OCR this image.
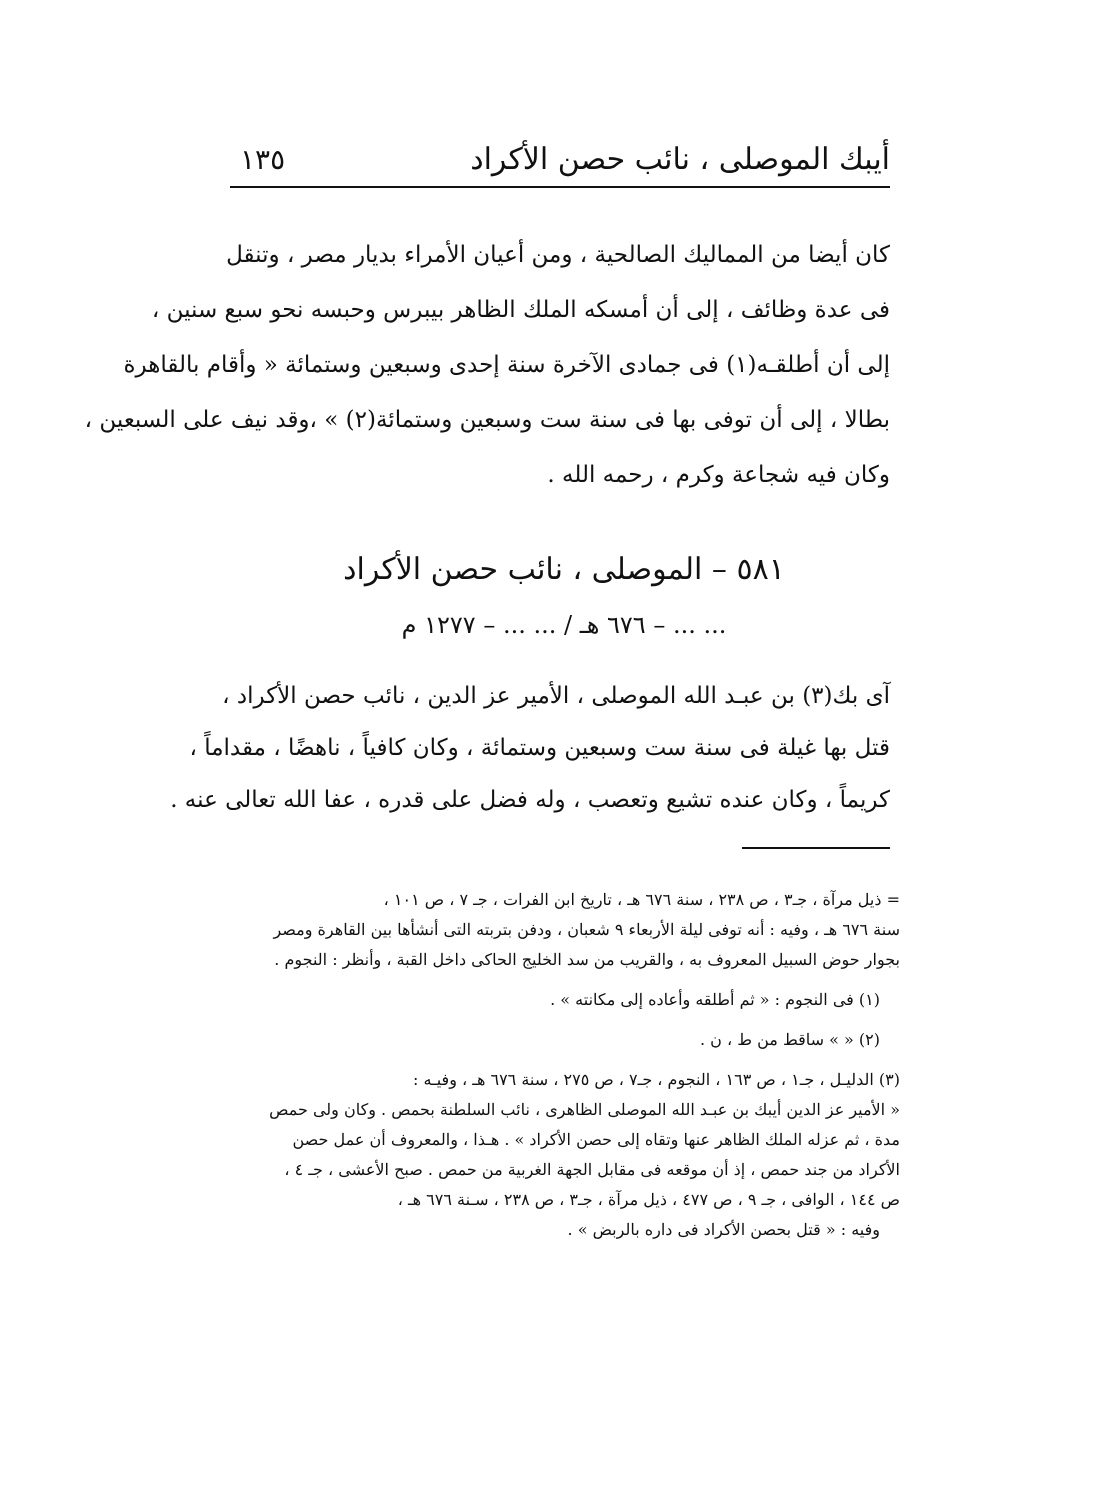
أيبك الموصلى ، نائب حصن الأكراد
١٣٥
كان أيضا من المماليك الصالحية ، ومن أعيان الأمراء بديار مصر ، وتنقل
فى عدة وظائف ، إلى أن أمسكه الملك الظاهر بيبرس وحبسه نحو سبع سنين ،
إلى أن أطلقـه(١) فى جمادى الآخرة سنة إحدى وسبعين وستمائة « وأقام بالقاهرة
بطالا ، إلى أن توفى بها فى سنة ست وسبعين وستمائة(٢) » ،وقد نيف على السبعين ،
وكان فيه شجاعة وكرم ، رحمه الله .
٥٨١ – الموصلى ، نائب حصن الأكراد
... ... – ٦٧٦ هـ / ... ... – ١٢٧٧ م
آى بك(٣) بن عبـد الله الموصلى ، الأمير عز الدين ، نائب حصن الأكراد ،
قتل بها غيلة فى سنة ست وسبعين وستمائة ، وكان كافياً ، ناهضًا ، مقداماً ،
كريماً ، وكان عنده تشيع وتعصب ، وله فضل على قدره ، عفا الله تعالى عنه .
= ذيل مرآة ، جـ٣ ، ص ٢٣٨ ، سنة ٦٧٦ هـ ، تاريخ ابن الفرات ، جـ ٧ ، ص ١٠١ ،
سنة ٦٧٦ هـ ، وفيه : أنه توفى ليلة الأربعاء ٩ شعبان ، ودفن بتربته التى أنشأها بين القاهرة ومصر
بجوار حوض السبيل المعروف به ، والقريب من سد الخليج الحاكى داخل القبة ، وأنظر : النجوم .
(١) فى النجوم : « ثم أطلقه وأعاده إلى مكانته » .
(٢) « » ساقط من ط ، ن .
(٣) الدليـل ، جـ١ ، ص ١٦٣ ، النجوم ، جـ٧ ، ص ٢٧٥ ، سنة ٦٧٦ هـ ، وفيـه :
« الأمير عز الدين أيبك بن عبـد الله الموصلى الظاهرى ، نائب السلطنة بحمص . وكان ولى حمص
مدة ، ثم عزله الملك الظاهر عنها وتقاه إلى حصن الأكراد » . هـذا ، والمعروف أن عمل حصن
الأكراد من جند حمص ، إذ أن موقعه فى مقابل الجهة الغربية من حمص . صبح الأعشى ، جـ ٤ ،
ص ١٤٤ ، الوافى ، جـ ٩ ، ص ٤٧٧ ، ذيل مرآة ، جـ٣ ، ص ٢٣٨ ، سـنة ٦٧٦ هـ ،
وفيه : « قتل بحصن الأكراد فى داره بالربض » .
